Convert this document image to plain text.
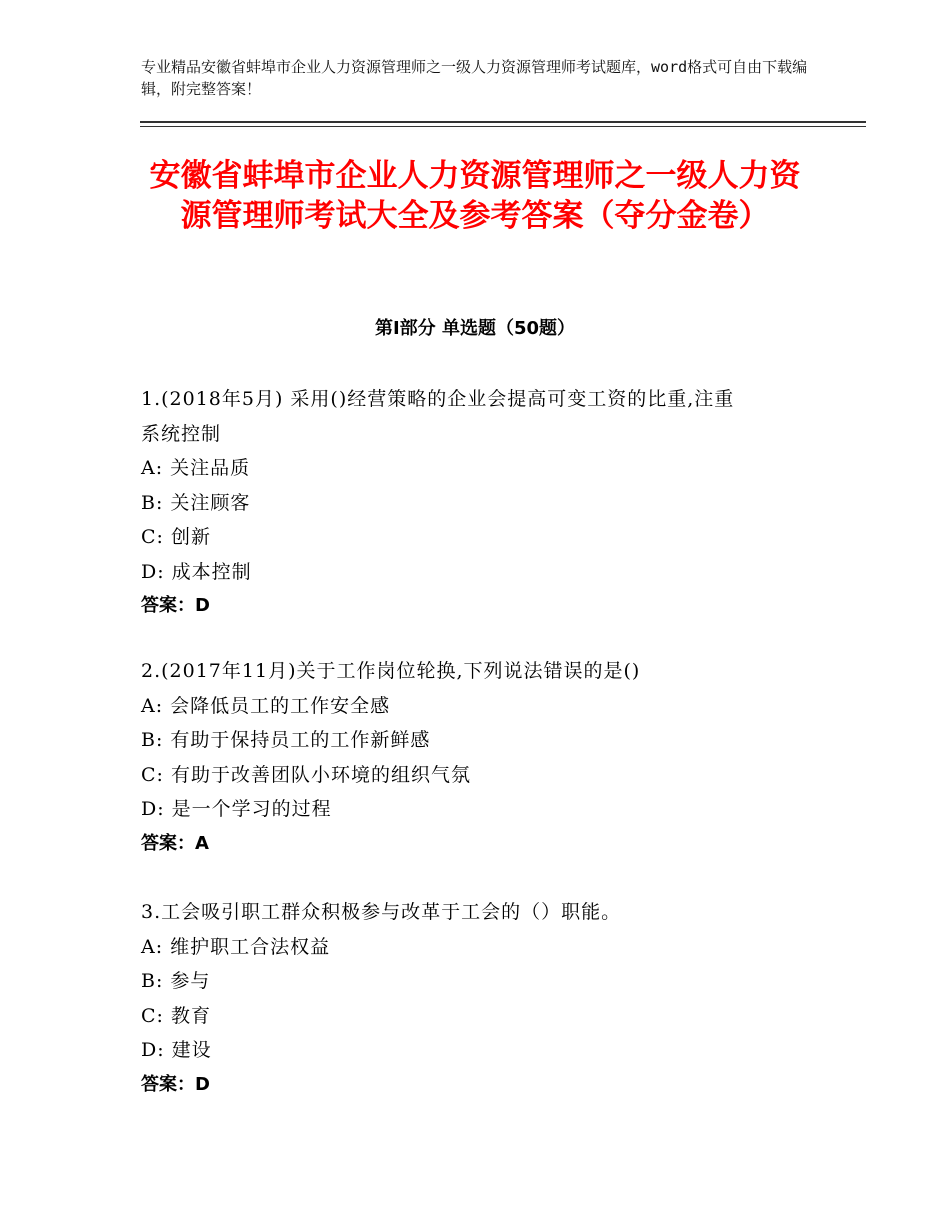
专业精品安徽省蚌埠市企业人力资源管理师之一级人力资源管理师考试题库，word格式可自由下载编辑，附完整答案！
安徽省蚌埠市企业人力资源管理师之一级人力资源管理师考试大全及参考答案（夺分金卷）
第Ⅰ部分 单选题（50题）
1.(2018年5月) 采用()经营策略的企业会提高可变工资的比重,注重
系统控制
A: 关注品质
B: 关注顾客
C: 创新
D: 成本控制
答案：D
2.(2017年11月)关于工作岗位轮换,下列说法错误的是()
A: 会降低员工的工作安全感
B: 有助于保持员工的工作新鲜感
C: 有助于改善团队小环境的组织气氛
D: 是一个学习的过程
答案：A
3.工会吸引职工群众积极参与改革于工会的（）职能。
A: 维护职工合法权益
B: 参与
C: 教育
D: 建设
答案：D
